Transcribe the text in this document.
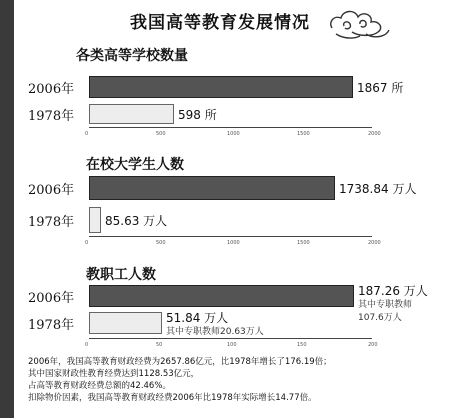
我国高等教育发展情况
各类高等学校数量
2006年	1867 所
1978年	598 所
0	500	1000	1500	2000
在校大学生人数
2006年	1738.84 万人
1978年	85.63 万人
0	500	1000	1500	2000
教职工人数
2006年	187.26 万人
其中专职教师 107.6万人
1978年	51.84 万人
其中专职教师20.63万人
0	50	100	150	200
2006年，我国高等教育财政经费为2657.86亿元，比1978年增长了176.19倍；
其中国家财政性教育经费达到1128.53亿元，
占高等教育财政经费总额的42.46%。
扣除物价因素，我国高等教育财政经费2006年比1978年实际增长14.77倍。
